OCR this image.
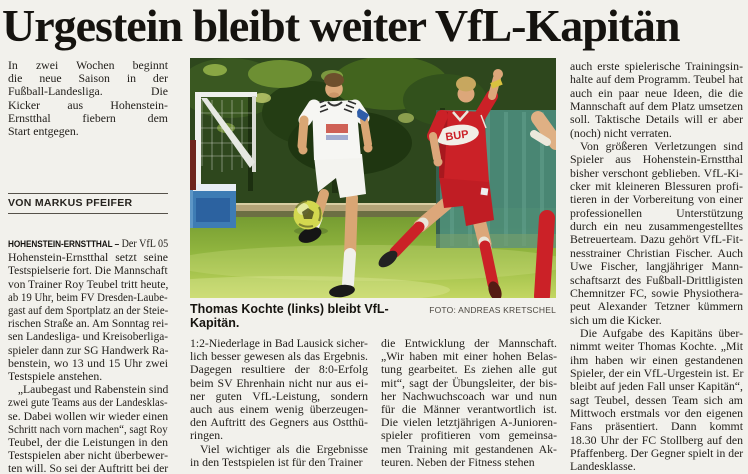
Urgestein bleibt weiter VfL-Kapitän
In zwei Wochen beginnt
die neue Saison in der
Fußball-Landesliga. Die
Kicker aus Hohenstein-
Ernstthal fiebern dem
Start entgegen.
VON MARKUS PFEIFER
HOHENSTEIN-ERNSTTHAL – Der VfL 05
Hohenstein-Ernstthal setzt seine
Testspielserie fort. Die Mannschaft
von Trainer Roy Teubel tritt heute,
ab 19 Uhr, beim FV Dresden-Laube-
gast auf dem Sportplatz an der Steie-
rischen Straße an. Am Sonntag rei-
sen Landesliga- und Kreisoberliga-
spieler dann zur SG Handwerk Ra-
benstein, wo 13 und 15 Uhr zwei
Testspiele anstehen.
„Laubegast und Rabenstein sind
zwei gute Teams aus der Landesklas-
se. Dabei wollen wir wieder einen
Schritt nach vorn machen“, sagt Roy
Teubel, der die Leistungen in den
Testspielen aber nicht überbewer-
ten will. So sei der Auftritt bei der
BUP
Thomas Kochte (links) bleibt VfL-Kapitän.
FOTO: ANDREAS KRETSCHEL
1:2-Niederlage in Bad Lausick sicher-
lich besser gewesen als das Ergebnis.
Dagegen resultiere der 8:0-Erfolg
beim SV Ehrenhain nicht nur aus ei-
ner guten VfL-Leistung, sondern
auch aus einem wenig überzeugen-
den Auftritt des Gegners aus Ostthü-
ringen.
Viel wichtiger als die Ergebnisse
in den Testspielen ist für den Trainer
die Entwicklung der Mannschaft.
„Wir haben mit einer hohen Belas-
tung gearbeitet. Es ziehen alle gut
mit“, sagt der Übungsleiter, der bis-
her Nachwuchscoach war und nun
für die Männer verantwortlich ist.
Die vielen letztjährigen A-Junioren-
spieler profitieren vom gemeinsa-
men Training mit gestandenen Ak-
teuren. Neben der Fitness stehen
auch erste spielerische Trainingsin-
halte auf dem Programm. Teubel hat
auch ein paar neue Ideen, die die
Mannschaft auf dem Platz umsetzen
soll. Taktische Details will er aber
(noch) nicht verraten.
Von größeren Verletzungen sind
Spieler aus Hohenstein-Ernstthal
bisher verschont geblieben. VfL-Ki-
cker mit kleineren Blessuren profi-
tieren in der Vorbereitung von einer
professionellen Unterstützung
durch ein neu zusammengestelltes
Betreuerteam. Dazu gehört VfL-Fit-
nesstrainer Christian Fischer. Auch
Uwe Fischer, langjähriger Mann-
schaftsarzt des Fußball-Drittligisten
Chemnitzer FC, sowie Physiothera-
peut Alexander Tetzner kümmern
sich um die Kicker.
Die Aufgabe des Kapitäns über-
nimmt weiter Thomas Kochte. „Mit
ihm haben wir einen gestandenen
Spieler, der ein VfL-Urgestein ist. Er
bleibt auf jeden Fall unser Kapitän“,
sagt Teubel, dessen Team sich am
Mittwoch erstmals vor den eigenen
Fans präsentiert. Dann kommt
18.30 Uhr der FC Stollberg auf den
Pfaffenberg. Der Gegner spielt in der
Landesklasse.
